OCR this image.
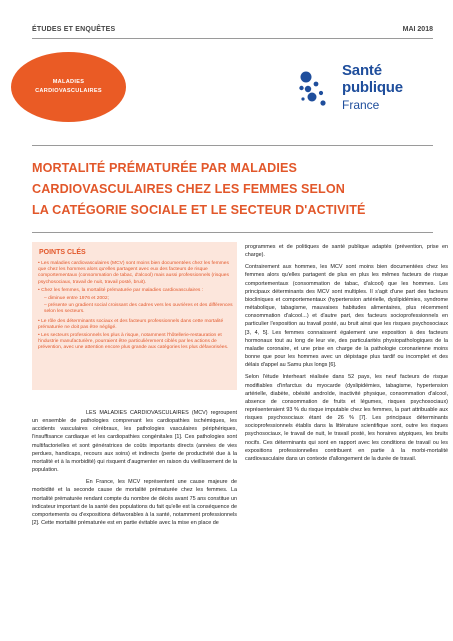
ÉTUDES ET ENQUÊTES	MAI 2018
MALADIES
CARDIOVASCULAIRES
Santé
publique
France
MORTALITÉ PRÉMATURÉE PAR MALADIES
CARDIOVASCULAIRES CHEZ LES FEMMES SELON
LA CATÉGORIE SOCIALE ET LE SECTEUR D'ACTIVITÉ
POINTS CLÉS

• Les maladies cardiovasculaires (MCV) sont moins bien documentées chez les femmes que chez les hommes alors qu'elles partagent avec eux des facteurs de risque comportementaux (consommation de tabac, d'alcool) mais aussi professionnels (risques psychosociaux, travail de nuit, travail posté, bruit).

• Chez les femmes, la mortalité prématurée par maladies cardiovasculaires :

– diminue entre 1976 et 2002;

– présente un gradient social croissant des cadres vers les ouvrières et des différences selon les secteurs.

• Le rôle des déterminants sociaux et des facteurs professionnels dans cette mortalité prématurée ne doit pas être négligé.

• Les secteurs professionnels les plus à risque, notamment l'hôtellerie-restauration et l'industrie manufacturière, pourraient être particulièrement ciblés par les actions de prévention, avec une attention encore plus grande aux catégories les plus défavorisées.

LES MALADIES CARDIOVASCULAIRES (MCV) regroupent un ensemble de pathologies comprenant les cardiopathies ischémiques, les accidents vasculaires cérébraux, les pathologies vasculaires périphériques, l'insuffisance cardiaque et les cardiopathies congénitales [1]. Ces pathologies sont multifactorielles et sont génératrices de coûts importants directs (années de vies perdues, handicaps, recours aux soins) et indirects (perte de productivité due à la mortalité et à la morbidité) qui risquent d'augmenter en raison du vieillissement de la population.

En France, les MCV représentent une cause majeure de morbidité et la seconde cause de mortalité prématurée chez les femmes. La mortalité prématurée rendant compte du nombre de décès avant 75 ans constitue un indicateur important de la santé des populations du fait qu'elle est la conséquence de comportements ou d'expositions défavorables à la santé, notamment professionnels [2]. Cette mortalité prématurée est en partie évitable avec la mise en place de

programmes et de politiques de santé publique adaptés (prévention, prise en charge).

Contrairement aux hommes, les MCV sont moins bien documentées chez les femmes alors qu'elles partagent de plus en plus les mêmes facteurs de risque comportementaux (consommation de tabac, d'alcool) que les hommes. Les principaux déterminants des MCV sont multiples. Il s'agit d'une part des facteurs biocliniques et comportementaux (hypertension artérielle, dyslipidémies, syndrome métabolique, tabagisme, mauvaises habitudes alimentaires, plus récemment consommation d'alcool...) et d'autre part, des facteurs socioprofessionnels en particulier l'exposition au travail posté, au bruit ainsi que les risques psychosociaux [3, 4, 5]. Les femmes connaissent également une exposition à des facteurs hormonaux tout au long de leur vie, des particularités physiopathologiques de la maladie coronaire, et une prise en charge de la pathologie coronarienne moins bonne que pour les hommes avec un dépistage plus tardif ou incomplet et des délais d'appel au Samu plus longs [6].

Selon l'étude Interheart réalisée dans 52 pays, les neuf facteurs de risque modifiables d'infarctus du myocarde (dyslipidémies, tabagisme, hypertension artérielle, diabète, obésité androïde, inactivité physique, consommation d'alcool, absence de consommation de fruits et légumes, risques psychosociaux) représenteraient 93 % du risque imputable chez les femmes, la part attribuable aux risques psychosociaux étant de 26 % [7]. Les principaux déterminants socioprofessionnels établis dans la littérature scientifique sont, outre les risques psychosociaux, le travail de nuit, le travail posté, les horaires atypiques, les bruits nocifs. Ces déterminants qui sont en rapport avec les conditions de travail ou les expositions professionnelles contribuent en partie à la morbi-mortalité cardiovasculaire dans un contexte d'allongement de la durée de travail.
